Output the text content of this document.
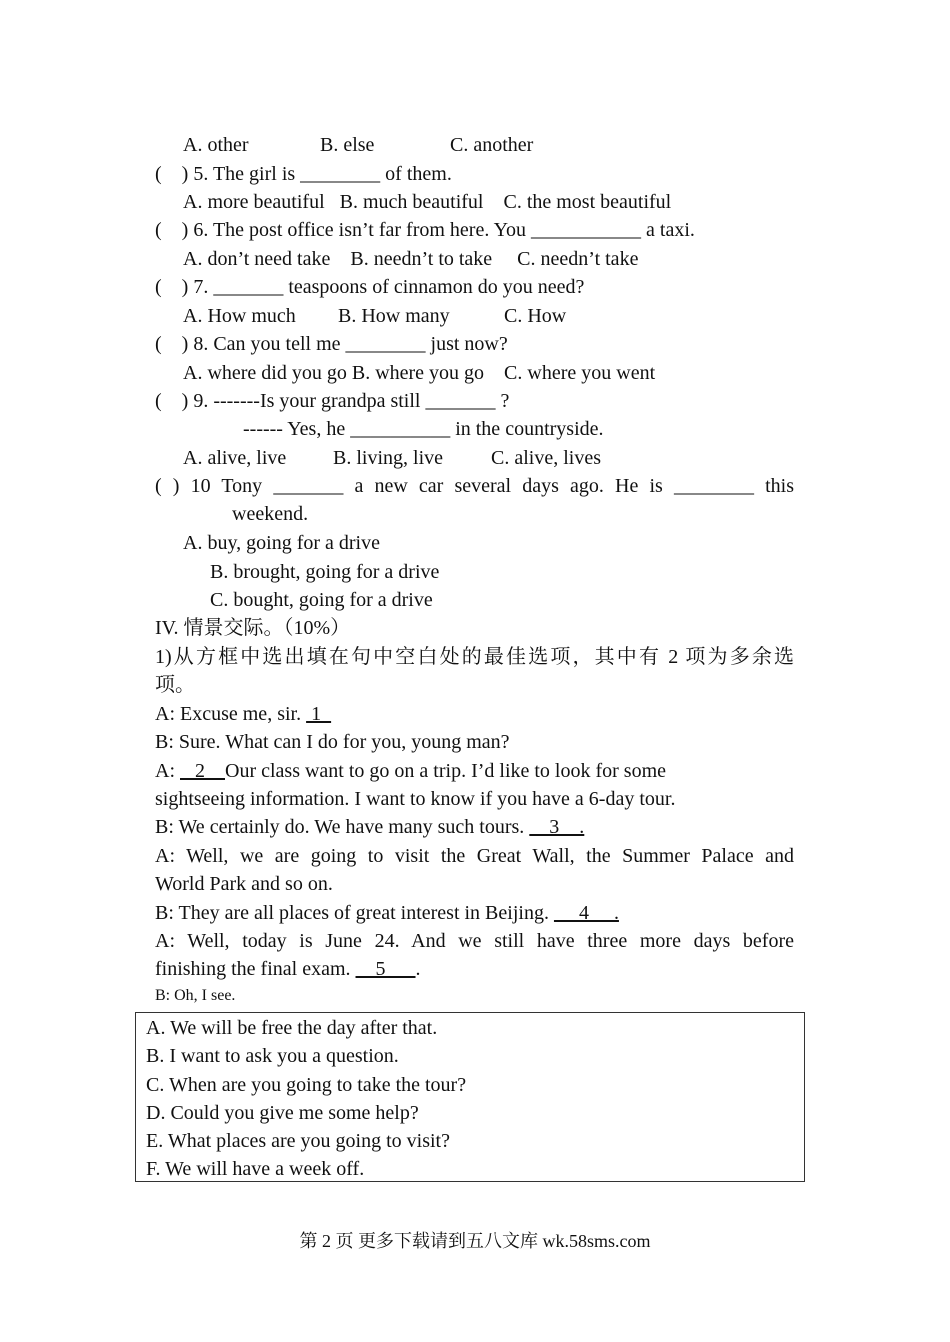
A. other

	B. else

	C. another

(    ) 5. The girl is ________ of them.
A. more beautiful   B. much beautiful    C. the most beautiful
(    ) 6. The post office isn’t far from here. You ___________ a taxi.
A. don’t need take    B. needn’t to take     C. needn’t take
(    ) 7. _______ teaspoons of cinnamon do you need?

A. How much

B. How many

	C. How

(    ) 8. Can you tell me ________ just now?
A. where did you go B. where you go    C. where you went
(    ) 9. -------Is your grandpa still _______ ?
------ Yes, he __________ in the countryside.

A. alive, live

B. living, live

C. alive, lives

( ) 10 Tony _______ a new car several days ago. He is ________ this
weekend.
A. buy, going for a drive
B. brought, going for a drive
C. bought, going for a drive
IV. 情景交际。（10%）
1)从方框中选出填在句中空白处的最佳选项，其中有 2 项为多余选
项。
A: Excuse me, sir.  1
B: Sure. What can I do for you, young man?
A:    2    Our class want to go on a trip. I’d like to look for some
sightseeing information. I want to know if you have a 6-day tour.
B: We certainly do. We have many such tours.     3    .
A: Well, we are going to visit the Great Wall, the Summer Palace and
World Park and so on.
B: They are all places of great interest in Beijing.      4     .
A: Well, today is June 24. And we still have three more days before
finishing the final exam.     5      .
B: Oh, I see.
A. We will be free the day after that.
B. I want to ask you a question.
C. When are you going to take the tour?
D. Could you give me some help?
E. What places are you going to visit?
F. We will have a week off.
第 2 页 更多下载请到五八文库 wk.58sms.com
